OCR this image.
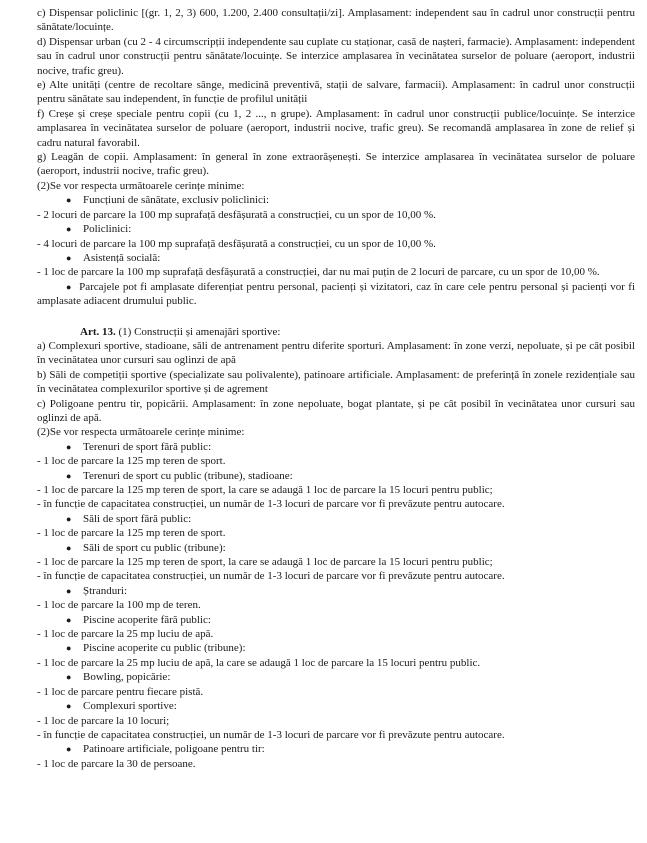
c) Dispensar policlinic [(gr. 1, 2, 3) 600, 1.200, 2.400 consultații/zi]. Amplasament: independent sau în cadrul unor construcții pentru sănătate/locuințe.

d) Dispensar urban (cu 2 - 4 circumscripții independente sau cuplate cu staționar, casă de nașteri, farmacie). Amplasament: independent sau în cadrul unor construcții pentru sănătate/locuințe. Se interzice amplasarea în vecinătatea surselor de poluare (aeroport, industrii nocive, trafic greu).

e) Alte unități (centre de recoltare sânge, medicină preventivă, stații de salvare, farmacii). Amplasament: în cadrul unor construcții pentru sănătate sau independent, în funcție de profilul unității

f) Creșe și creșe speciale pentru copii (cu 1, 2 ..., n grupe). Amplasament: în cadrul unor construcții publice/locuințe. Se interzice amplasarea în vecinătatea surselor de poluare (aeroport, industrii nocive, trafic greu). Se recomandă amplasarea în zone de relief și cadru natural favorabil.

g) Leagăn de copii. Amplasament: în general în zone extraorășenești. Se interzice amplasarea în vecinătatea surselor de poluare (aeroport, industrii nocive, trafic greu).

(2)Se vor respecta următoarele cerințe minime:

● Funcțiuni de sănătate, exclusiv policlinici:

- 2 locuri de parcare la 100 mp suprafață desfășurată a construcției, cu un spor de 10,00 %.

● Policlinici:

- 4 locuri de parcare la 100 mp suprafață desfășurată a construcției, cu un spor de 10,00 %.

● Asistență socială:

- 1 loc de parcare la 100 mp suprafață desfășurată a construcției, dar nu mai puțin de 2 locuri de parcare, cu un spor de 10,00 %.

● Parcajele pot fi amplasate diferențiat pentru personal, pacienți și vizitatori, caz în care cele pentru personal și pacienți vor fi amplasate adiacent drumului public.

Art. 13. (1) Construcții și amenajări sportive:

a) Complexuri sportive, stadioane, săli de antrenament pentru diferite sporturi. Amplasament: în zone verzi, nepoluate, și pe cât posibil în vecinătatea unor cursuri sau oglinzi de apă

b) Săli de competiții sportive (specializate sau polivalente), patinoare artificiale. Amplasament: de preferință în zonele rezidențiale sau în vecinătatea complexurilor sportive și de agrement

c) Poligoane pentru tir, popicării. Amplasament: în zone nepoluate, bogat plantate, și pe cât posibil în vecinătatea unor cursuri sau oglinzi de apă.

(2)Se vor respecta următoarele cerințe minime:

● Terenuri de sport fără public:

- 1 loc de parcare la 125 mp teren de sport.

● Terenuri de sport cu public (tribune), stadioane:

- 1 loc de parcare la 125 mp teren de sport, la care se adaugă 1 loc de parcare la 15 locuri pentru public;

- în funcție de capacitatea construcției, un număr de 1-3 locuri de parcare vor fi prevăzute pentru autocare.

● Săli de sport fără public:

- 1 loc de parcare la 125 mp teren de sport.

● Săli de sport cu public (tribune):

- 1 loc de parcare la 125 mp teren de sport, la care se adaugă 1 loc de parcare la 15 locuri pentru public;

- în funcție de capacitatea construcției, un număr de 1-3 locuri de parcare vor fi prevăzute pentru autocare.

● Ștranduri:

- 1 loc de parcare la 100 mp de teren.

● Piscine acoperite fără public:

- 1 loc de parcare la 25 mp luciu de apă.

● Piscine acoperite cu public (tribune):

- 1 loc de parcare la 25 mp luciu de apă, la care se adaugă 1 loc de parcare la 15 locuri pentru public.

● Bowling, popicărie:

- 1 loc de parcare pentru fiecare pistă.

● Complexuri sportive:

- 1 loc de parcare la 10 locuri;

- în funcție de capacitatea construcției, un număr de 1-3 locuri de parcare vor fi prevăzute pentru autocare.

● Patinoare artificiale, poligoane pentru tir:

- 1 loc de parcare la 30 de persoane.
